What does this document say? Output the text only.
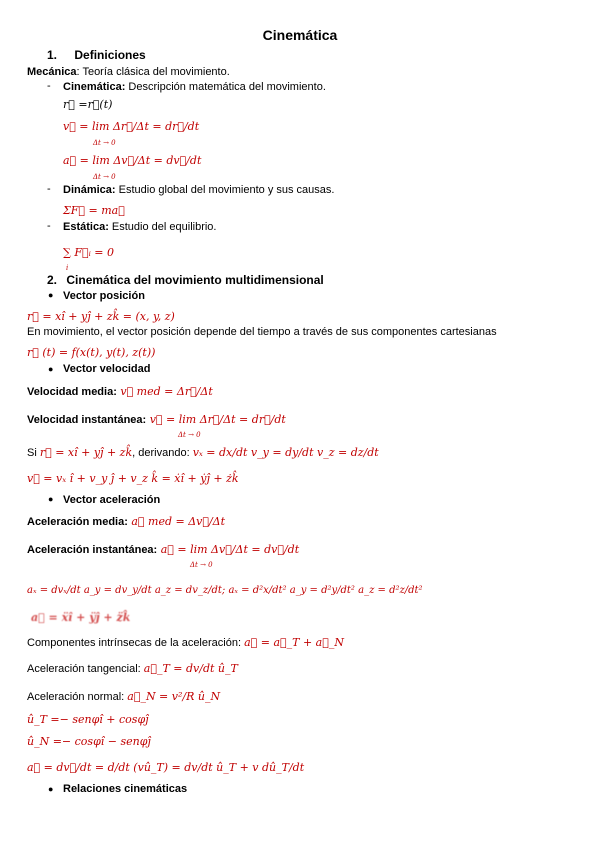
Cinemática
1. Definiciones
Mecánica: Teoría clásica del movimiento.
- Cinemática: Descripción matemática del movimiento.
r⃗ =r⃗(t)
v⃗ = lim Δr⃗/Δt = dr⃗/dt
Δt → 0
a⃗ = lim Δv⃗/Δt = dv⃗/dt
Δt → 0
- Dinámica: Estudio global del movimiento y sus causas.
ΣF⃗ = ma⃗
- Estática: Estudio del equilibrio.
∑ F⃗ᵢ = 0
i
2. Cinemática del movimiento multidimensional
● Vector posición
r⃗ = xî + yĵ + zk̂ = (x, y, z)
En movimiento, el vector posición depende del tiempo a través de sus componentes cartesianas
r⃗ (t) = f(x(t), y(t), z(t))
● Vector velocidad
Velocidad media: v⃗ med = Δr⃗/Δt
Velocidad instantánea: v⃗ = lim Δr⃗/Δt = dr⃗/dt
Δt → 0
Si r⃗ = xî + yĵ + zk̂, derivando: vₓ = dx/dt v_y = dy/dt v_z = dz/dt
v⃗ = vₓ î + v_y ĵ + v_z k̂ = ẋî + ẏĵ + żk̂
● Vector aceleración
Aceleración media: a⃗ med = Δv⃗/Δt
Aceleración instantánea: a⃗ = lim Δv⃗/Δt = dv⃗/dt
Δt → 0
aₓ = dvₓ/dt a_y = dv_y/dt a_z = dv_z/dt; aₓ = d²x/dt² a_y = d²y/dt² a_z = d²z/dt²
a⃗ = ẍî + ÿĵ + z̈k̂
Componentes intrínsecas de la aceleración: a⃗ = a⃗_T + a⃗_N
Aceleración tangencial: a⃗_T = dv/dt û_T
Aceleración normal: a⃗_N = v²/R û_N
û_T =− senφî + cosφĵ
û_N =− cosφî − senφĵ
a⃗ = dv⃗/dt = d/dt (vû_T) = dv/dt û_T + v dû_T/dt
● Relaciones cinemáticas
